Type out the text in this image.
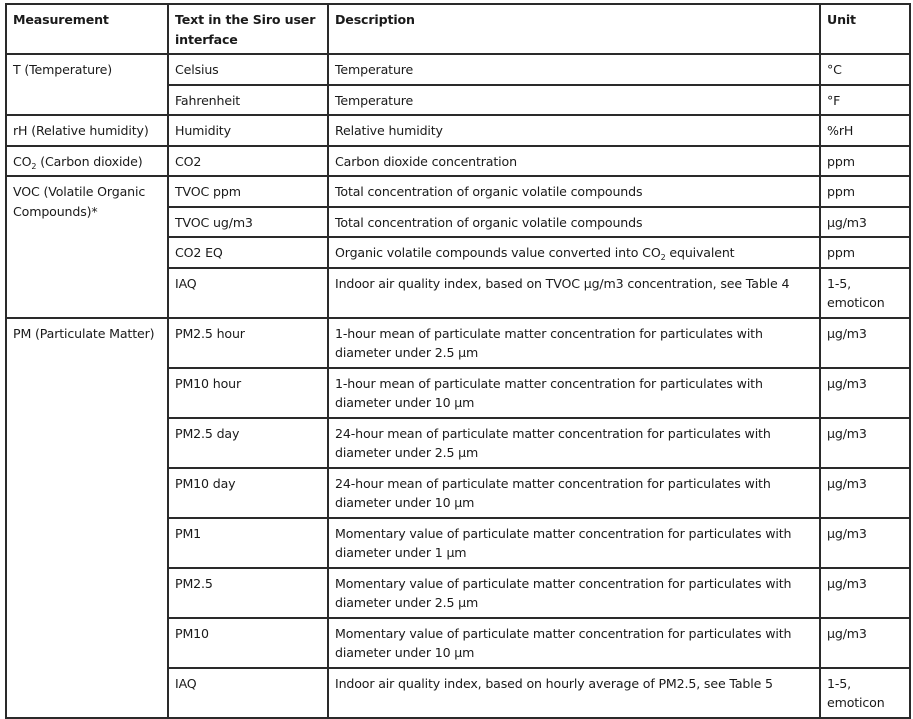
Measurement	Text in the Siro user interface	Description	Unit
T (Temperature)	Celsius	Temperature	°C
	Fahrenheit	Temperature	°F
rH (Relative humidity)	Humidity	Relative humidity	%rH
$CO_2$ (Carbon dioxide)	CO2	Carbon dioxide concentration	ppm
VOC (Volatile Organic Compounds)*	TVOC ppm	Total concentration of organic volatile compounds	ppm
	TVOC ug/m3	Total concentration of organic volatile compounds	µg/m3
	CO2 EQ	Organic volatile compounds value converted into $CO_2$ equivalent	ppm
	IAQ	Indoor air quality index, based on TVOC µg/m3 concentration, see Table 4	1-5, emoticon
PM (Particulate Matter)	PM2.5 hour	1-hour mean of particulate matter concentration for particulates with diameter under 2.5 µm	µg/m3
	PM10 hour	1-hour mean of particulate matter concentration for particulates with diameter under 10 µm	µg/m3
	PM2.5 day	24-hour mean of particulate matter concentration for particulates with diameter under 2.5 µm	µg/m3
	PM10 day	24-hour mean of particulate matter concentration for particulates with diameter under 10 µm	µg/m3
	PM1	Momentary value of particulate matter concentration for particulates with diameter under 1 µm	µg/m3
	PM2.5	Momentary value of particulate matter concentration for particulates with diameter under 2.5 µm	µg/m3
	PM10	Momentary value of particulate matter concentration for particulates with diameter under 10 µm	µg/m3
	IAQ	Indoor air quality index, based on hourly average of PM2.5, see Table 5	1-5, emoticon
